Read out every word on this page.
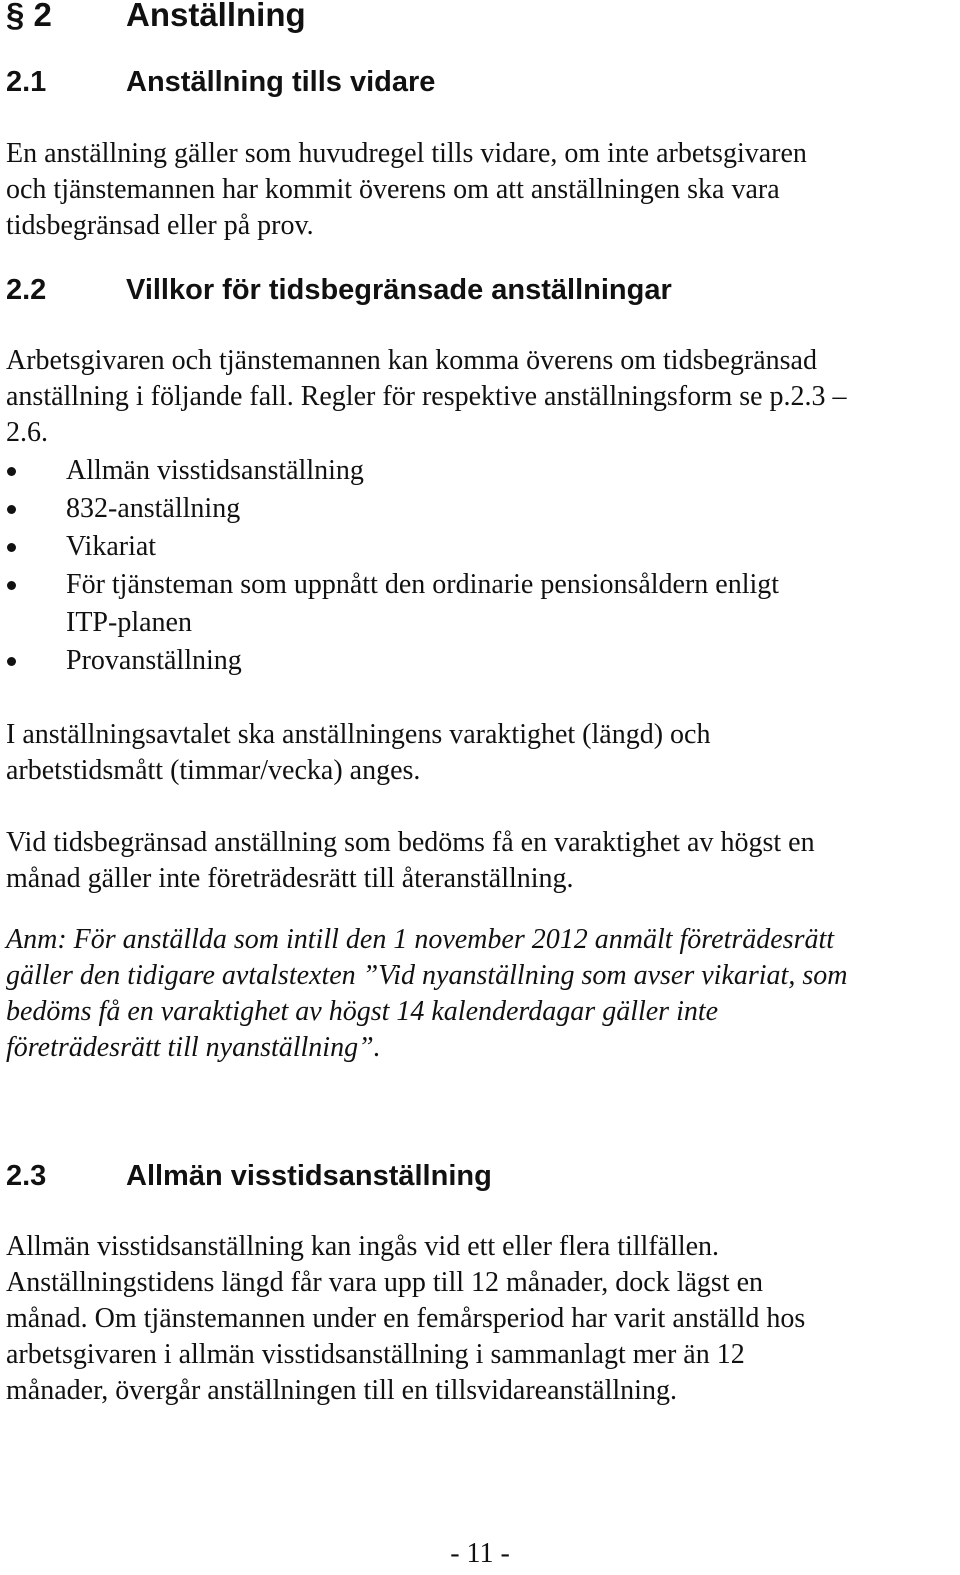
§ 2 Anställning
2.1	Anställning tills vidare

En anställning gäller som huvudregel tills vidare, om inte arbetsgivaren
och tjänstemannen har kommit överens om att anställningen ska vara
tidsbegränsad eller på prov.

2.2	Villkor för tidsbegränsade anställningar

Arbetsgivaren och tjänstemannen kan komma överens om tidsbegränsad
anställning i följande fall. Regler för respektive anställningsform se p.2.3 –
2.6.

Allmän visstidsanställning
832-anställning
Vikariat
För tjänsteman som uppnått den ordinarie pensionsåldern enligt
ITP-planen
Provanställning

I anställningsavtalet ska anställningens varaktighet (längd) och
arbetstidsmått (timmar/vecka) anges.

Vid tidsbegränsad anställning som bedöms få en varaktighet av högst en
månad gäller inte företrädesrätt till återanställning.

Anm: För anställda som intill den 1 november 2012 anmält företrädesrätt
gäller den tidigare avtalstexten ”Vid nyanställning som avser vikariat, som
bedöms få en varaktighet av högst 14 kalenderdagar gäller inte
företrädesrätt till nyanställning”.

2.3	Allmän visstidsanställning

Allmän visstidsanställning kan ingås vid ett eller flera tillfällen.
Anställningstidens längd får vara upp till 12 månader, dock lägst en
månad. Om tjänstemannen under en femårsperiod har varit anställd hos
arbetsgivaren i allmän visstidsanställning i sammanlagt mer än 12
månader, övergår anställningen till en tillsvidareanställning.

- 11 -
